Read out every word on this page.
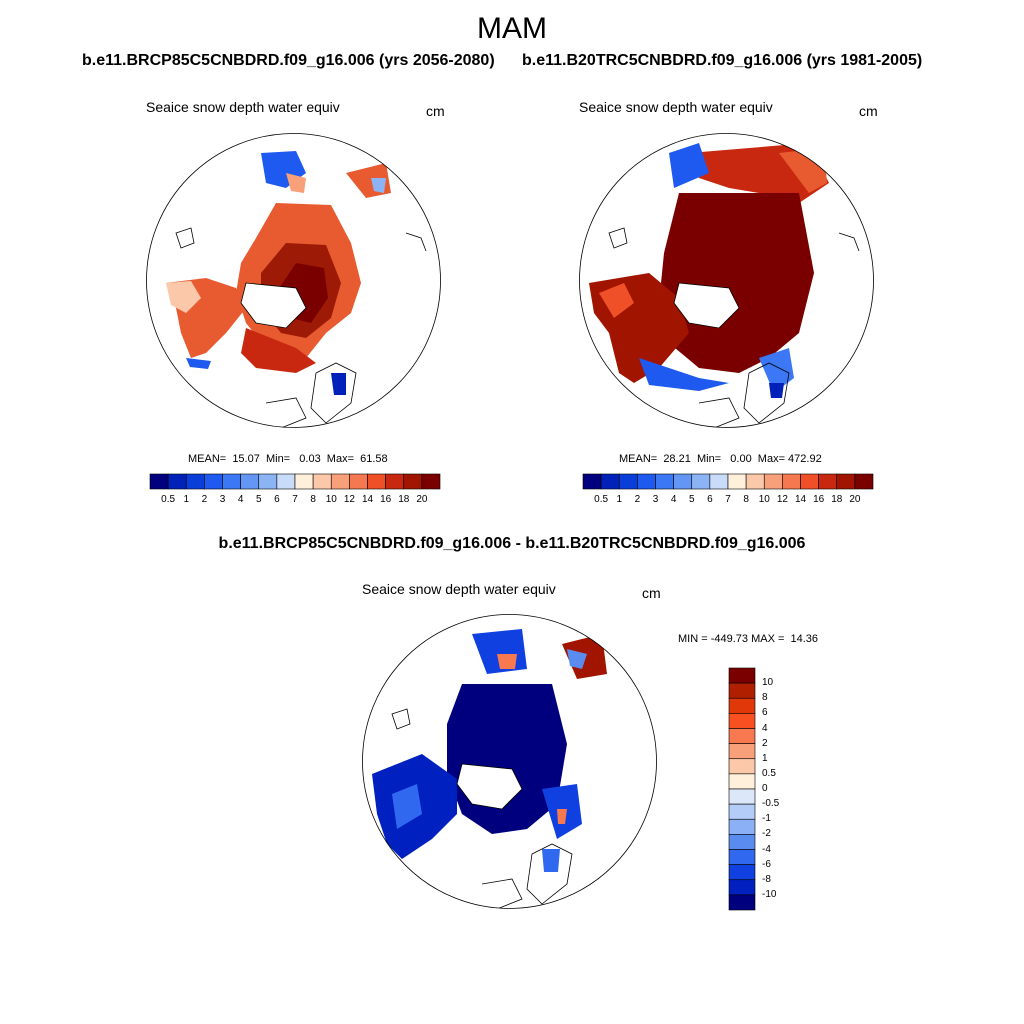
MAM
b.e11.BRCP85C5CNBDRD.f09_g16.006 (yrs 2056-2080) b.e11.B20TRC5CNBDRD.f09_g16.006 (yrs 1981-2005)
Seaice snow depth water equiv	cm	Seaice snow depth water equiv	cm
MEAN=  15.07  Min=   0.03  Max=  61.58	MEAN=  28.21  Min=   0.00  Max= 472.92
0.5 1	2	3	4	5	6	7	8 10 12 14 16 18 20	0.5 1	2	3	4	5	6	7	8 10 12 14 16 18 20
b.e11.BRCP85C5CNBDRD.f09_g16.006 - b.e11.B20TRC5CNBDRD.f09_g16.006
Seaice snow depth water equiv	cm
MIN = -449.73 MAX =  14.36
10
8
6
4
2
1
0.5
0
-0.5
-1
-2
-4
-6
-8
-10
